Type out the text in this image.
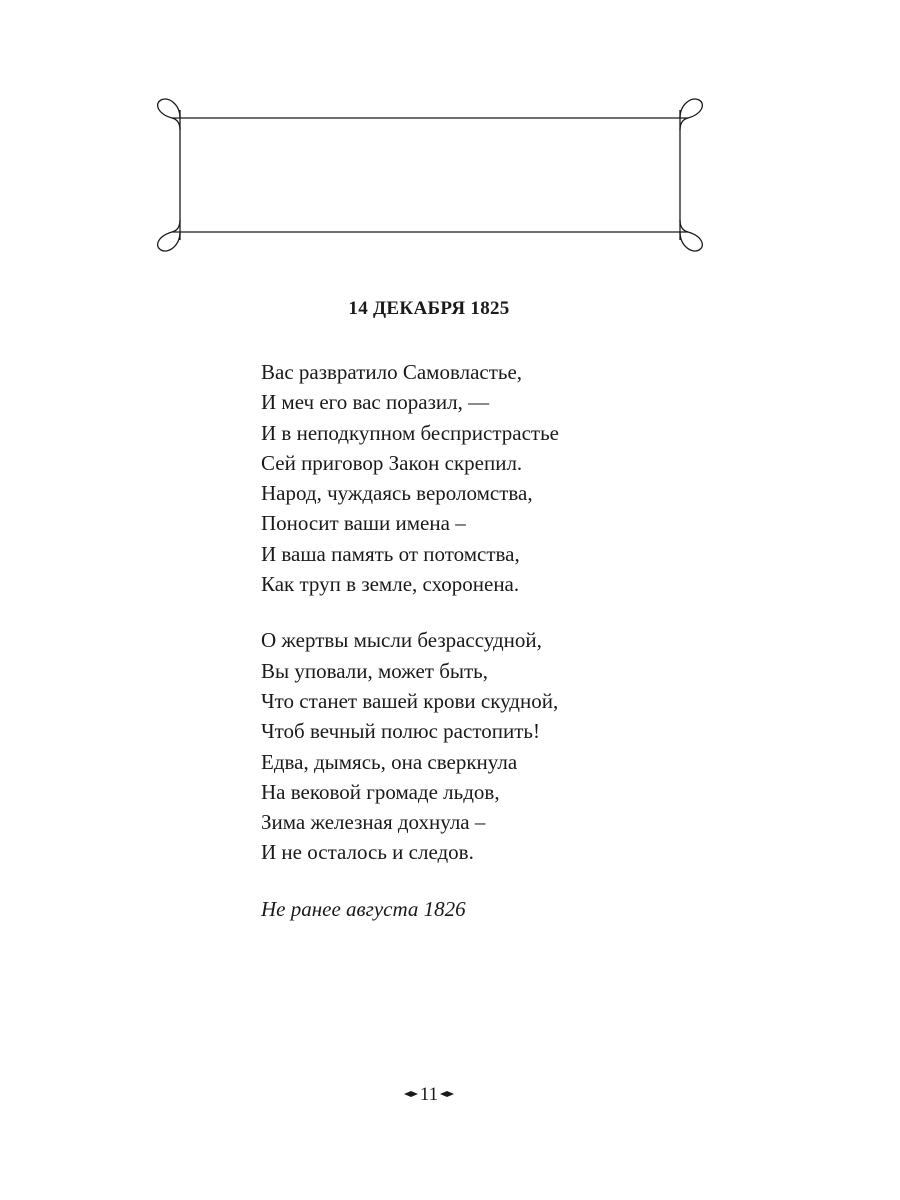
14 ДЕКАБРЯ 1825
Вас развратило Самовластье,
И меч его вас поразил, —
И в неподкупном беспристрастье
Сей приговор Закон скрепил.
Народ, чуждаясь вероломства,
Поносит ваши имена –
И ваша память от потомства,
Как труп в земле, схоронена.
О жертвы мысли безрассудной,
Вы уповали, может быть,
Что станет вашей крови скудной,
Чтоб вечный полюс растопить!
Едва, дымясь, она сверкнула
На вековой громаде льдов,
Зима железная дохнула –
И не осталось и следов.
Не ранее августа 1826
11
